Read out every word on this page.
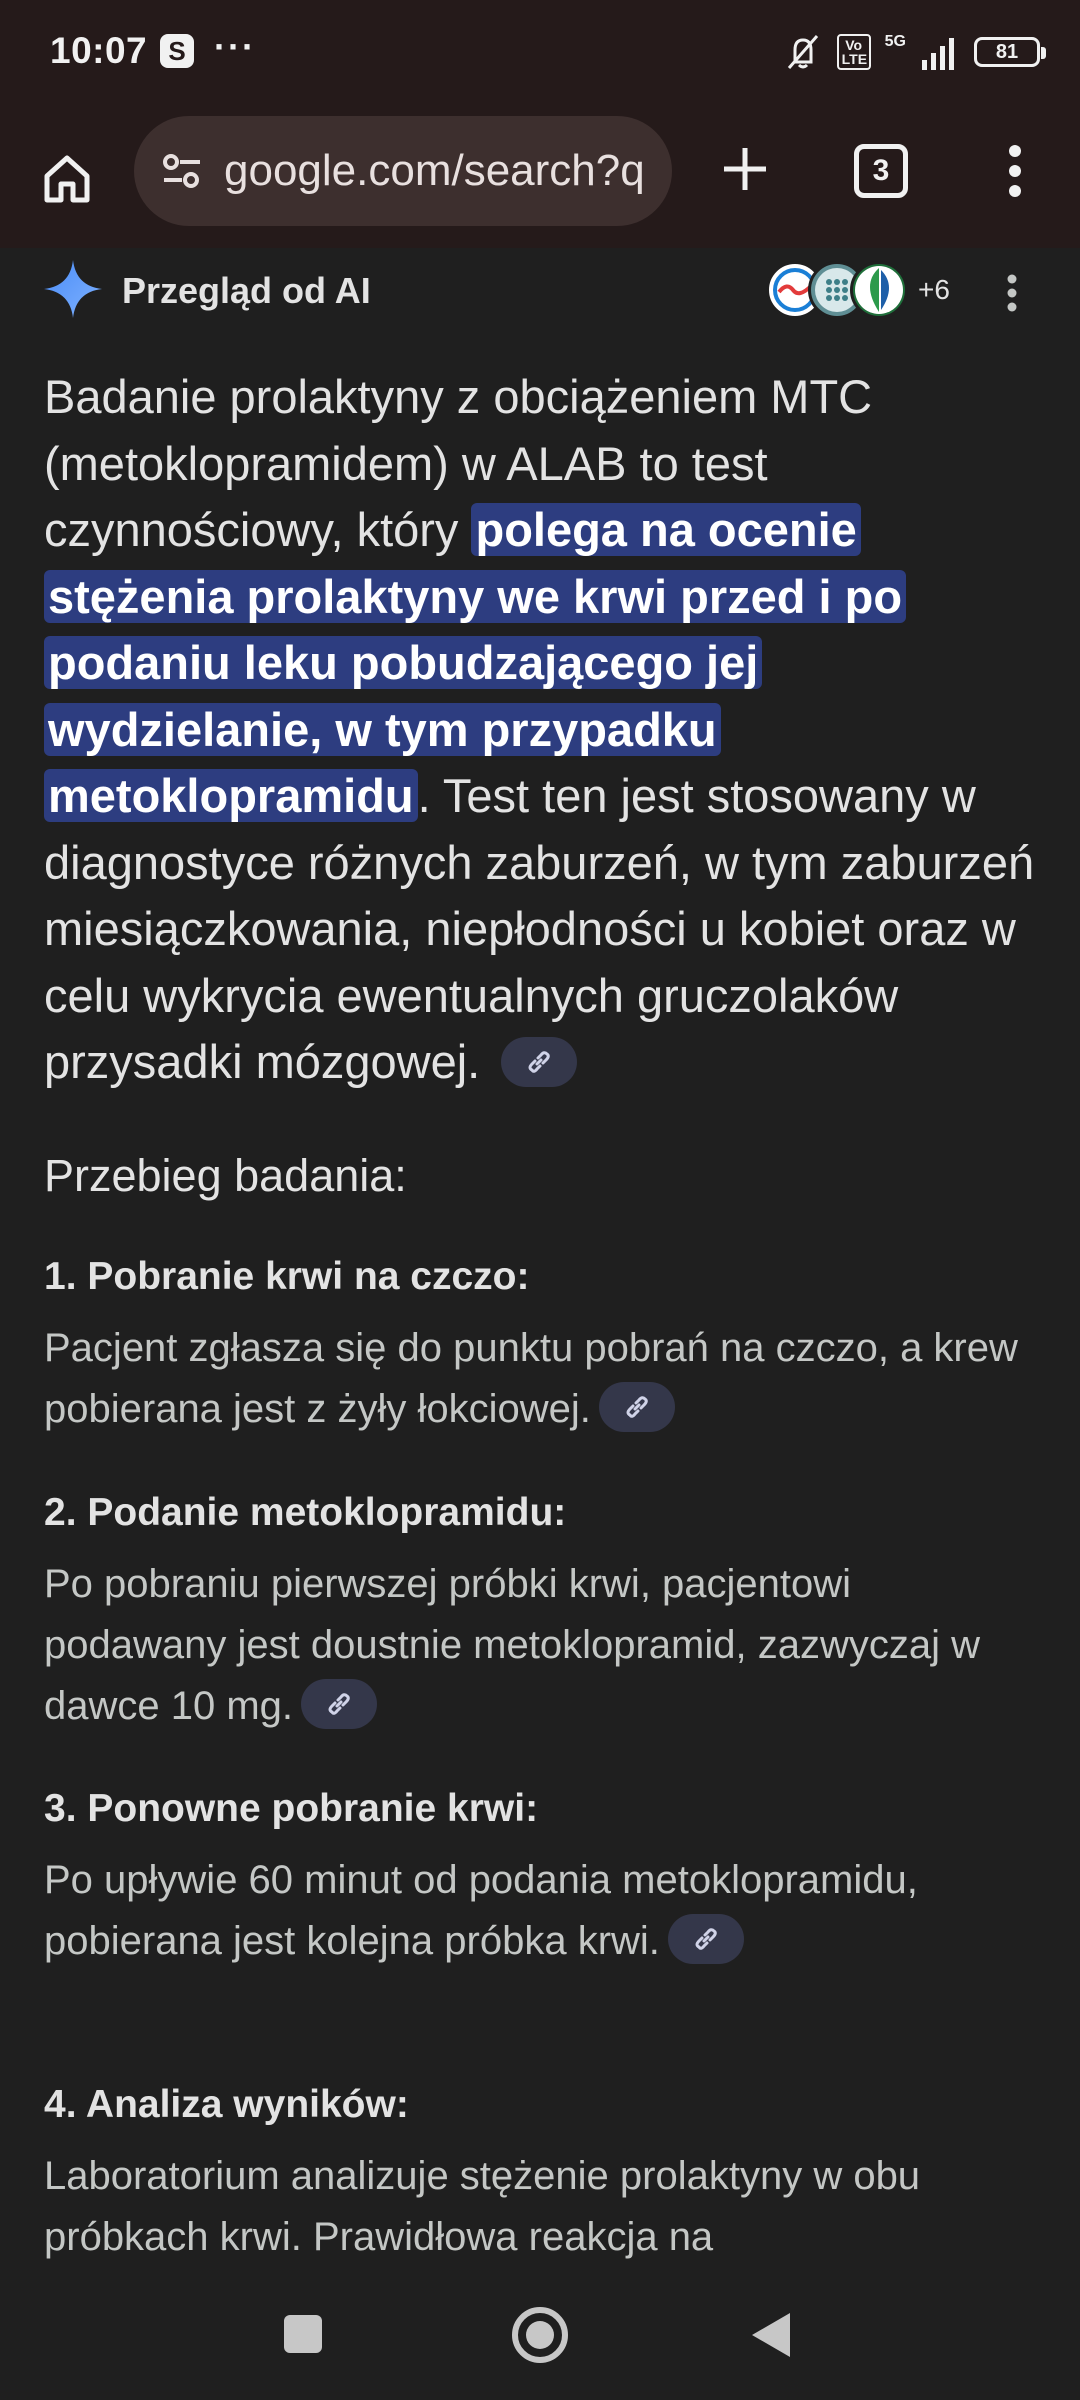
10:07 S ···	Vo LTE
5G	81
google.com/search?q	3
Przegląd od AI	+6
Badanie prolaktyny z obciążeniem MTC (metoklopramidem) w ALAB to test czynnościowy, który polega na ocenie stężenia prolaktyny we krwi przed i po podaniu leku pobudzającego jej wydzielanie, w tym przypadku metoklopramidu. Test ten jest stosowany w diagnostyce różnych zaburzeń, w tym zaburzeń miesiączkowania, niepłodności u kobiet oraz w celu wykrycia ewentualnych gruczolaków przysadki mózgowej.
Przebieg badania:
1. Pobranie krwi na czczo:
Pacjent zgłasza się do punktu pobrań na czczo, a krew pobierana jest z żyły łokciowej.
2. Podanie metoklopramidu:
Po pobraniu pierwszej próbki krwi, pacjentowi podawany jest doustnie metoklopramid, zazwyczaj w dawce 10 mg.
3. Ponowne pobranie krwi:
Po upływie 60 minut od podania metoklopramidu, pobierana jest kolejna próbka krwi.
4. Analiza wyników:
Laboratorium analizuje stężenie prolaktyny w obu próbkach krwi. Prawidłowa reakcja na
